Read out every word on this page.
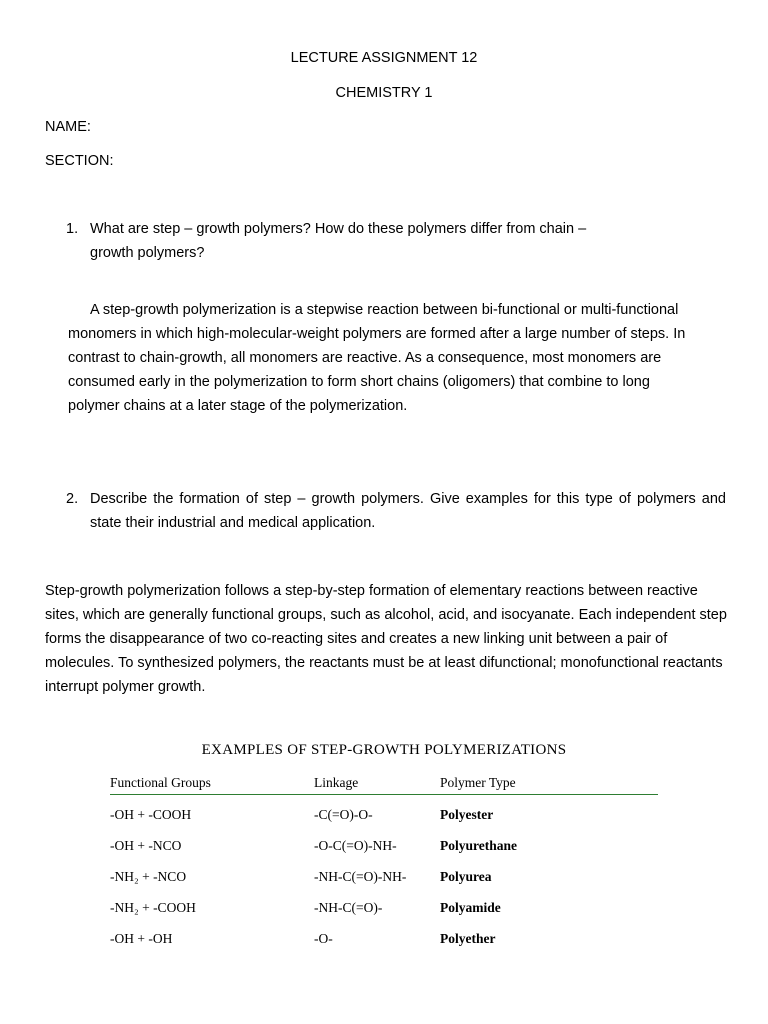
LECTURE ASSIGNMENT 12
CHEMISTRY 1
NAME:
SECTION:
1. What are step – growth polymers? How do these polymers differ from chain – growth polymers?
A step-growth polymerization is a stepwise reaction between bi-functional or multi-functional monomers in which high-molecular-weight polymers are formed after a large number of steps. In contrast to chain-growth, all monomers are reactive. As a consequence, most monomers are consumed early in the polymerization to form short chains (oligomers) that combine to long polymer chains at a later stage of the polymerization.
2. Describe the formation of step – growth polymers. Give examples for this type of polymers and state their industrial and medical application.
Step-growth polymerization follows a step-by-step formation of elementary reactions between reactive sites, which are generally functional groups, such as alcohol, acid, and isocyanate. Each independent step forms the disappearance of two co-reacting sites and creates a new linking unit between a pair of molecules. To synthesized polymers, the reactants must be at least difunctional; monofunctional reactants interrupt polymer growth.
EXAMPLES OF STEP-GROWTH POLYMERIZATIONS
Functional Groups	Linkage	Polymer Type
-OH + -COOH	-C(=O)-O-	Polyester
-OH + -NCO	-O-C(=O)-NH-	Polyurethane
-NH₂ + -NCO	-NH-C(=O)-NH- Polyurea
-NH₂ + -COOH	-NH-C(=O)-	Polyamide
-OH + -OH	-O-	Polyether
